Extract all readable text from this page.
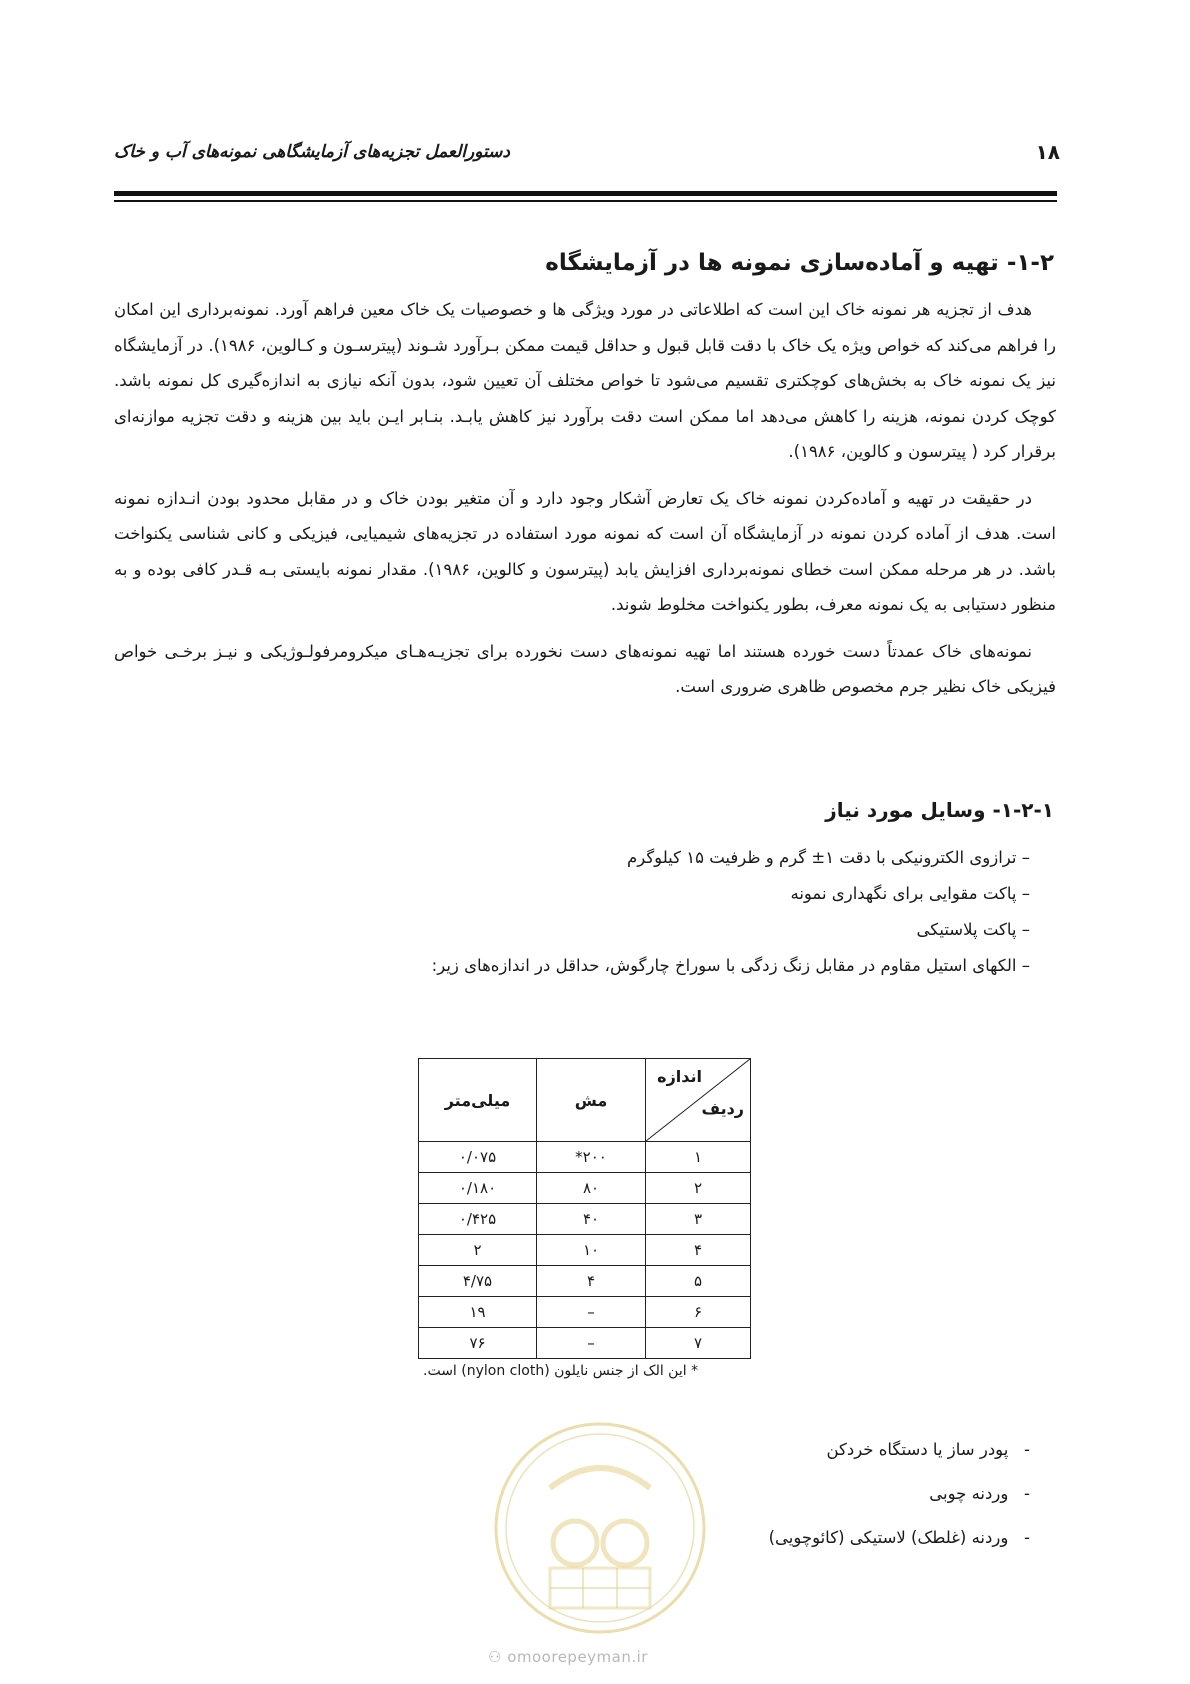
۱۸
دستورالعمل تجزیه‌های آزمایشگاهی نمونه‌های آب و خاک
۱-۲- تهیه و آماده‌سازی نمونه ها در آزمایشگاه

هدف از تجزیه هر نمونه خاک این است که اطلاعاتی در مورد ویژگی ها و خصوصیات یک خاک معین فراهم آورد. نمونه‌برداری این امکان را فراهم می‌کند که خواص ویژه یک خاک با دقت قابل قبول و حداقل قیمت ممکن بـرآورد شـوند (پیترسـون و کـالوین، ۱۹۸۶). در آزمایشگاه نیز یک نمونه خاک به بخش‌های کوچکتری تقسیم می‌شود تا خواص مختلف آن تعیین شود، بدون آنکه نیازی به اندازه‌گیری کل نمونه باشد. کوچک کردن نمونه، هزینه را کاهش می‌دهد اما ممکن است دقت برآورد نیز کاهش یابـد. بنـابر ایـن باید بین هزینه و دقت تجزیه موازنه‌ای برقرار کرد ( پیترسون و کالوین، ۱۹۸۶).

در حقیقت در تهیه و آماده‌کردن نمونه خاک یک تعارض آشکار وجود دارد و آن متغیر بودن خاک و در مقابل محدود بودن انـدازه نمونه است. هدف از آماده کردن نمونه در آزمایشگاه آن است که نمونه مورد استفاده در تجزیه‌های شیمیایی، فیزیکی و کانی شناسی یکنواخت باشد. در هر مرحله ممکن است خطای نمونه‌برداری افزایش یابد (پیترسون و کالوین، ۱۹۸۶). مقدار نمونه بایستی بـه قـدر کافی بوده و به منظور دستیابی به یک نمونه معرف، بطور یکنواخت مخلوط شوند.

نمونه‌های خاک عمدتاً دست خورده هستند اما تهیه نمونه‌های دست نخورده برای تجزیـه‌هـای میکرومرفولـوژیکی و نیـز برخـی خواص فیزیکی خاک نظیر جرم مخصوص ظاهری ضروری است.

۱-۲-۱- وسایل مورد نیاز
– ترازوی الکترونیکی با دقت ۱± گرم و ظرفیت ۱۵ کیلوگرم
– پاکت مقوایی برای نگهداری نمونه
– پاکت پلاستیکی
– الکهای استیل مقاوم در مقابل زنگ زدگی با سوراخ چارگوش، حداقل در اندازه‌های زیر:
اندازه
ردیف	مش	میلی‌متر
۱	۲۰۰*	۰/۰۷۵
۲	۸۰	۰/۱۸۰
۳	۴۰	۰/۴۲۵
۴	۱۰	۲
۵	۴	۴/۷۵
۶	–	۱۹
۷	–	۷۶
* این الک از جنس نایلون (nylon cloth) است.
-   پودر ساز یا دستگاه خردکن
-   وردنه چوبی
-   وردنه (غلطک) لاستیکی (کائوچویی)
⚇ omoorepeyman.ir
